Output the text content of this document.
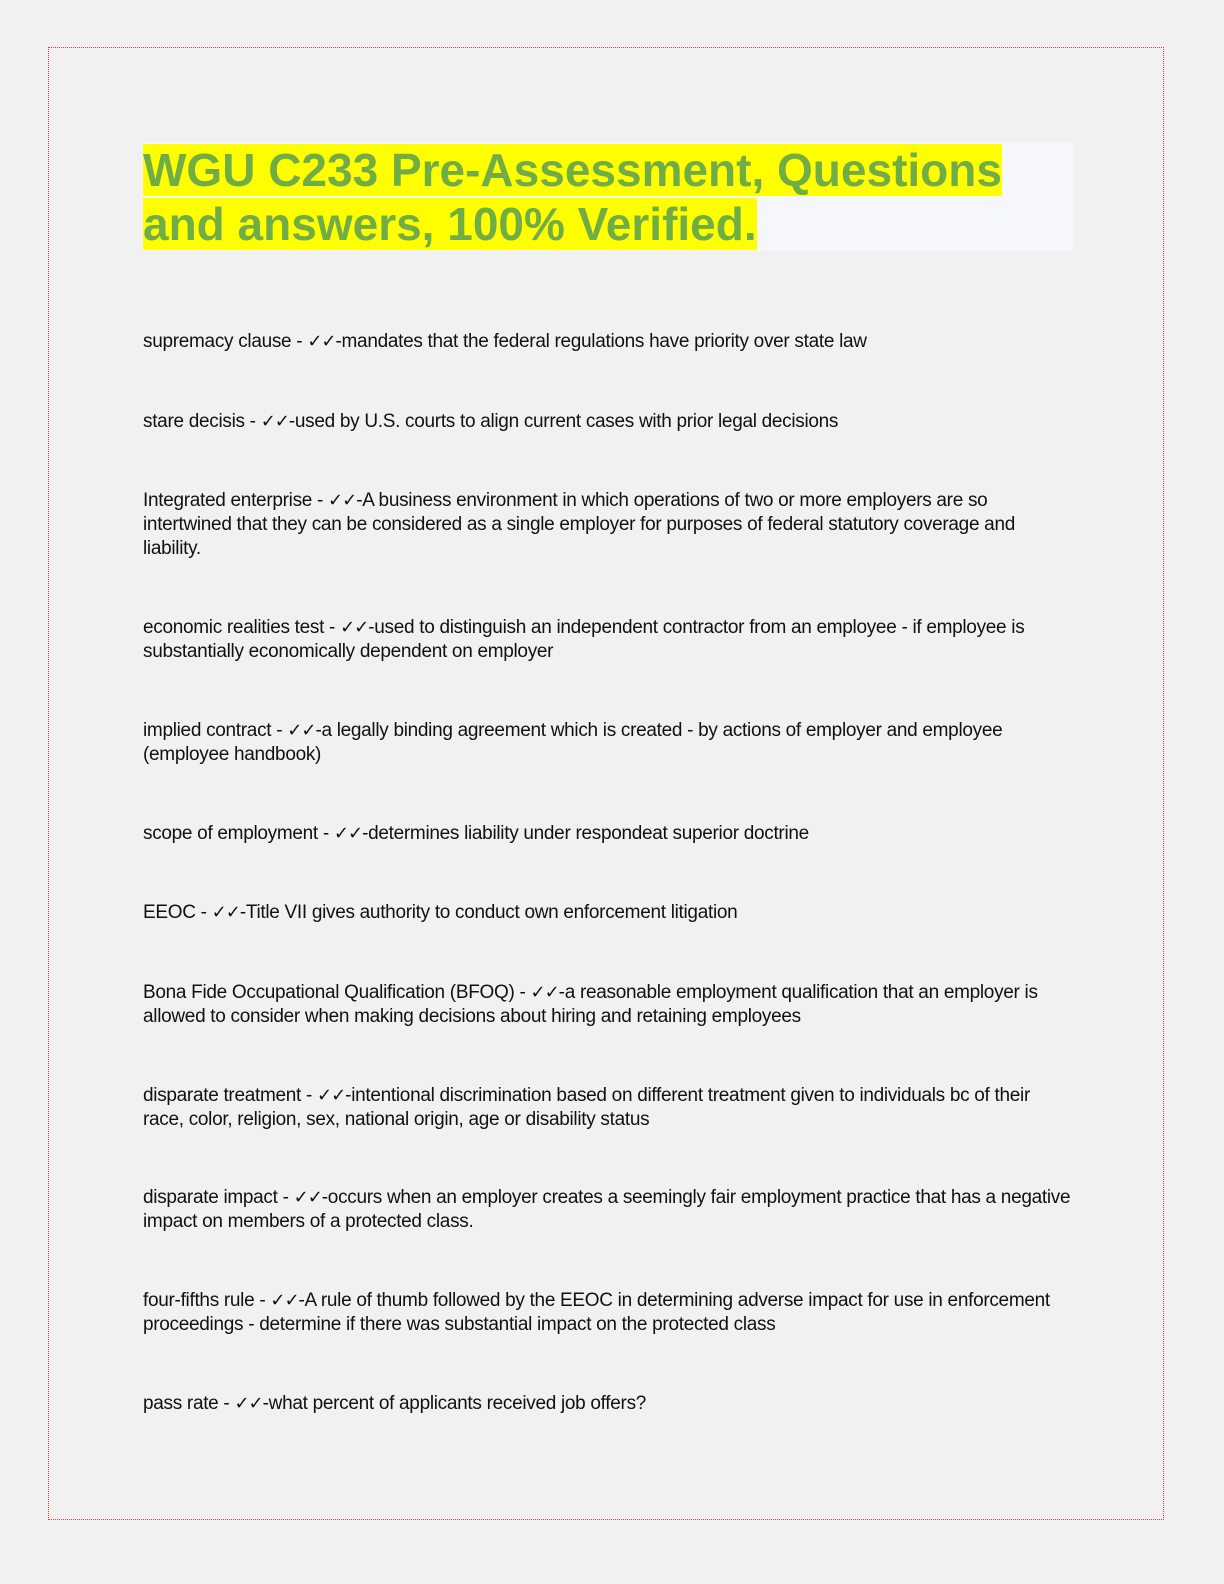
WGU C233 Pre-Assessment, Questions and answers, 100% Verified.
supremacy clause - ✓✓-mandates that the federal regulations have priority over state law
stare decisis - ✓✓-used by U.S. courts to align current cases with prior legal decisions
Integrated enterprise - ✓✓-A business environment in which operations of two or more employers are so intertwined that they can be considered as a single employer for purposes of federal statutory coverage and liability.
economic realities test - ✓✓-used to distinguish an independent contractor from an employee - if employee is substantially economically dependent on employer
implied contract - ✓✓-a legally binding agreement which is created - by actions of employer and employee (employee handbook)
scope of employment - ✓✓-determines liability under respondeat superior doctrine
EEOC - ✓✓-Title VII gives authority to conduct own enforcement litigation
Bona Fide Occupational Qualification (BFOQ) - ✓✓-a reasonable employment qualification that an employer is allowed to consider when making decisions about hiring and retaining employees
disparate treatment - ✓✓-intentional discrimination based on different treatment given to individuals bc of their race, color, religion, sex, national origin, age or disability status
disparate impact - ✓✓-occurs when an employer creates a seemingly fair employment practice that has a negative impact on members of a protected class.
four-fifths rule - ✓✓-A rule of thumb followed by the EEOC in determining adverse impact for use in enforcement proceedings - determine if there was substantial impact on the protected class
pass rate - ✓✓-what percent of applicants received job offers?
